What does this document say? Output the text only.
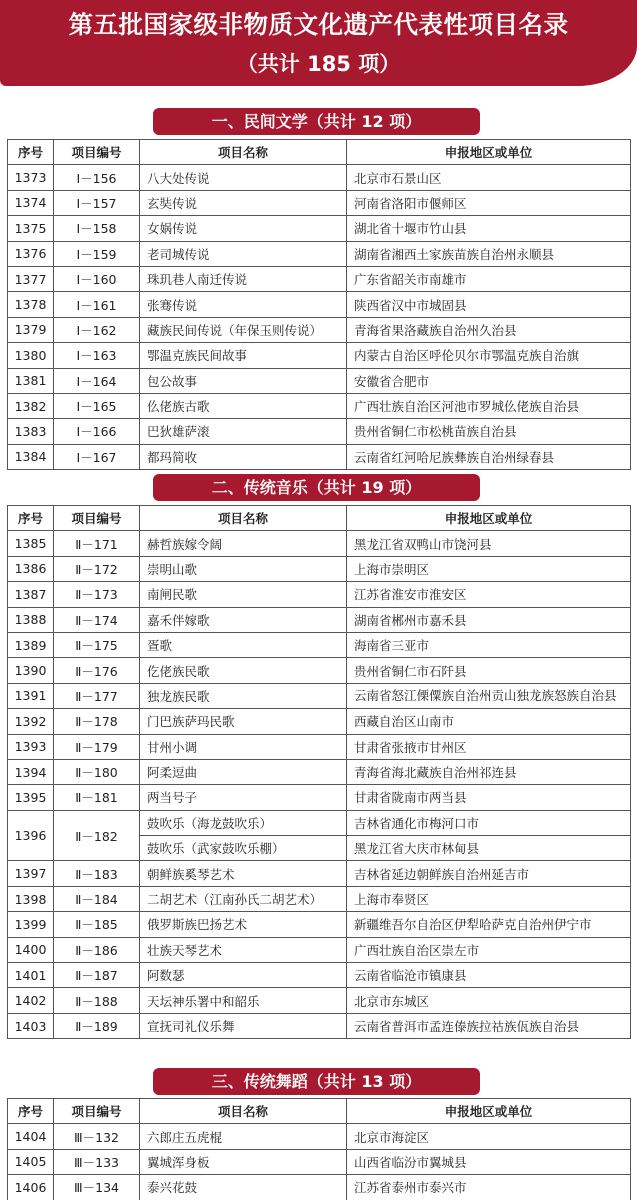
第五批国家级非物质文化遗产代表性项目名录
（共计 185 项）
一、民间文学（共计 12 项）
序号	项目编号	项目名称	申报地区或单位
1373	Ⅰ－156	八大处传说	北京市石景山区
1374	Ⅰ－157	玄奘传说	河南省洛阳市偃师区
1375	Ⅰ－158	女娲传说	湖北省十堰市竹山县
1376	Ⅰ－159	老司城传说	湖南省湘西土家族苗族自治州永顺县
1377	Ⅰ－160	珠玑巷人南迁传说	广东省韶关市南雄市
1378	Ⅰ－161	张骞传说	陕西省汉中市城固县
1379	Ⅰ－162	藏族民间传说（年保玉则传说）	青海省果洛藏族自治州久治县
1380	Ⅰ－163	鄂温克族民间故事	内蒙古自治区呼伦贝尔市鄂温克族自治旗
1381	Ⅰ－164	包公故事	安徽省合肥市
1382	Ⅰ－165	仫佬族古歌	广西壮族自治区河池市罗城仫佬族自治县
1383	Ⅰ－166	巴狄雄萨滚	贵州省铜仁市松桃苗族自治县
1384	Ⅰ－167	都玛简收	云南省红河哈尼族彝族自治州绿春县
二、传统音乐（共计 19 项）
序号	项目编号	项目名称	申报地区或单位
1385	Ⅱ－171	赫哲族嫁令阔	黑龙江省双鸭山市饶河县
1386	Ⅱ－172	崇明山歌	上海市崇明区
1387	Ⅱ－173	南闸民歌	江苏省淮安市淮安区
1388	Ⅱ－174	嘉禾伴嫁歌	湖南省郴州市嘉禾县
1389	Ⅱ－175	疍歌	海南省三亚市
1390	Ⅱ－176	仡佬族民歌	贵州省铜仁市石阡县
1391	Ⅱ－177	独龙族民歌	云南省怒江傈僳族自治州贡山独龙族怒族自治县
1392	Ⅱ－178	门巴族萨玛民歌	西藏自治区山南市
1393	Ⅱ－179	甘州小调	甘肃省张掖市甘州区
1394	Ⅱ－180	阿柔逗曲	青海省海北藏族自治州祁连县
1395	Ⅱ－181	两当号子	甘肃省陇南市两当县
1396	Ⅱ－182	鼓吹乐（海龙鼓吹乐）	吉林省通化市梅河口市
		鼓吹乐（武家鼓吹乐棚）	黑龙江省大庆市林甸县
1397	Ⅱ－183	朝鲜族奚琴艺术	吉林省延边朝鲜族自治州延吉市
1398	Ⅱ－184	二胡艺术（江南孙氏二胡艺术）	上海市奉贤区
1399	Ⅱ－185	俄罗斯族巴扬艺术	新疆维吾尔自治区伊犁哈萨克自治州伊宁市
1400	Ⅱ－186	壮族天琴艺术	广西壮族自治区崇左市
1401	Ⅱ－187	阿数瑟	云南省临沧市镇康县
1402	Ⅱ－188	天坛神乐署中和韶乐	北京市东城区
1403	Ⅱ－189	宣抚司礼仪乐舞	云南省普洱市孟连傣族拉祜族佤族自治县
三、传统舞蹈（共计 13 项）
序号	项目编号	项目名称	申报地区或单位
1404	Ⅲ－132	六郎庄五虎棍	北京市海淀区
1405	Ⅲ－133	翼城浑身板	山西省临汾市翼城县
1406	Ⅲ－134	泰兴花鼓	江苏省泰州市泰兴市
